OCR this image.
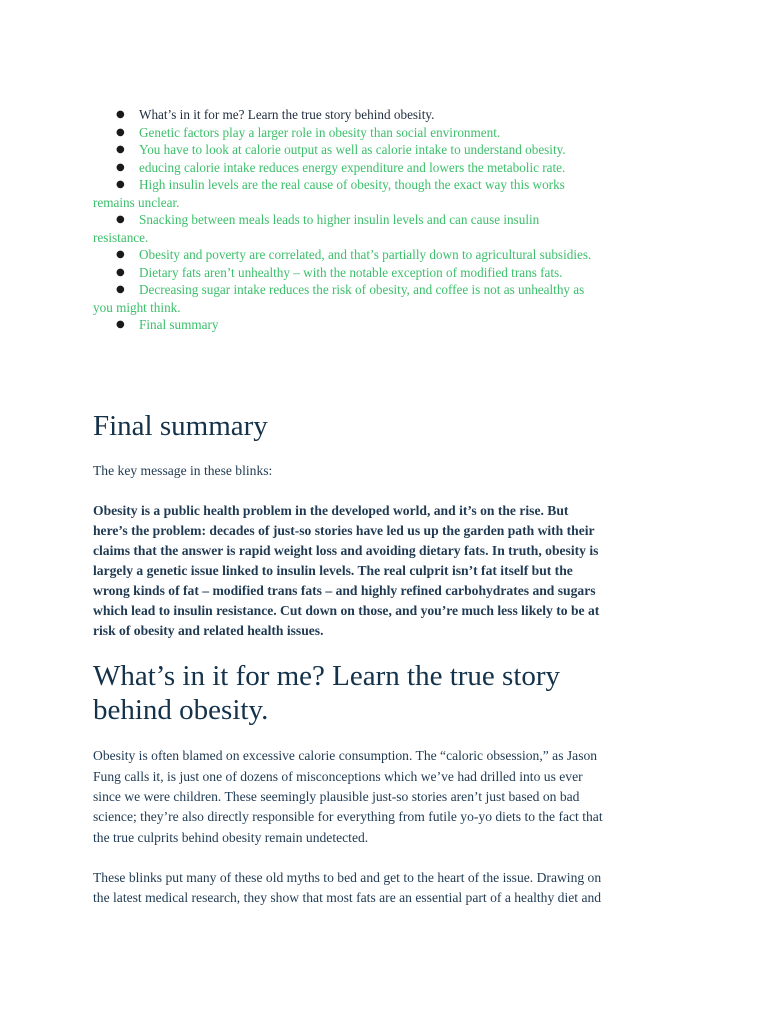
● What’s in it for me? Learn the true story behind obesity.
● Genetic factors play a larger role in obesity than social environment.
● You have to look at calorie output as well as calorie intake to understand obesity.
● educing calorie intake reduces energy expenditure and lowers the metabolic rate.
● High insulin levels are the real cause of obesity, though the exact way this works
remains unclear.
● Snacking between meals leads to higher insulin levels and can cause insulin
resistance.
● Obesity and poverty are correlated, and that’s partially down to agricultural subsidies.
● Dietary fats aren’t unhealthy – with the notable exception of modified trans fats.
● Decreasing sugar intake reduces the risk of obesity, and coffee is not as unhealthy as
you might think.
● Final summary
Final summary

The key message in these blinks:

Obesity is a public health problem in the developed world, and it’s on the rise. But
here’s the problem: decades of just-so stories have led us up the garden path with their
claims that the answer is rapid weight loss and avoiding dietary fats. In truth, obesity is
largely a genetic issue linked to insulin levels. The real culprit isn’t fat itself but the
wrong kinds of fat – modified trans fats – and highly refined carbohydrates and sugars
which lead to insulin resistance. Cut down on those, and you’re much less likely to be at
risk of obesity and related health issues.
What’s in it for me? Learn the true story
behind obesity.
Obesity is often blamed on excessive calorie consumption. The “caloric obsession,” as Jason
Fung calls it, is just one of dozens of misconceptions which we’ve had drilled into us ever
since we were children. These seemingly plausible just-so stories aren’t just based on bad
science; they’re also directly responsible for everything from futile yo-yo diets to the fact that
the true culprits behind obesity remain undetected.
These blinks put many of these old myths to bed and get to the heart of the issue. Drawing on
the latest medical research, they show that most fats are an essential part of a healthy diet and
